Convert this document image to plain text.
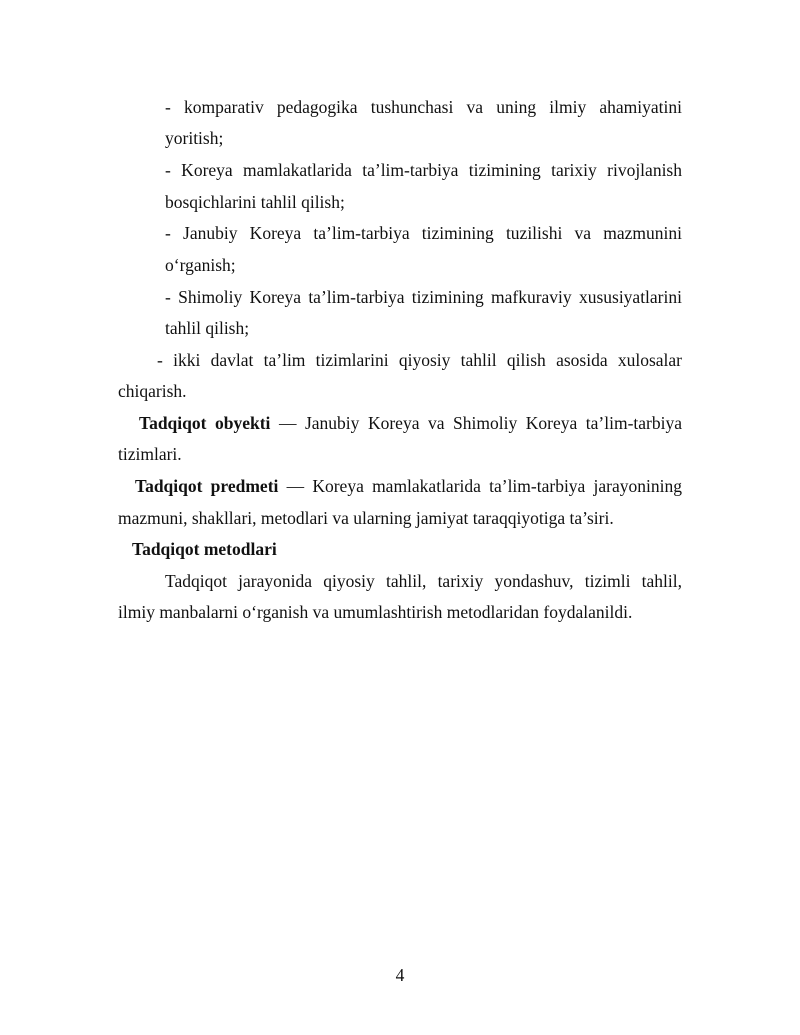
- komparativ pedagogika tushunchasi va uning ilmiy ahamiyatini
yoritish;
- Koreya mamlakatlarida ta’lim-tarbiya tizimining tarixiy rivojlanish
bosqichlarini tahlil qilish;
- Janubiy Koreya ta’lim-tarbiya tizimining tuzilishi va mazmunini
o‘rganish;
- Shimoliy Koreya ta’lim-tarbiya tizimining mafkuraviy xususiyatlarini
tahlil qilish;
- ikki davlat ta’lim tizimlarini qiyosiy tahlil qilish asosida xulosalar
chiqarish.
Tadqiqot obyekti — Janubiy Koreya va Shimoliy Koreya ta’lim-tarbiya
tizimlari.
Tadqiqot predmeti — Koreya mamlakatlarida ta’lim-tarbiya jarayonining
mazmuni, shakllari, metodlari va ularning jamiyat taraqqiyotiga ta’siri.
Tadqiqot metodlari
Tadqiqot jarayonida qiyosiy tahlil, tarixiy yondashuv, tizimli tahlil,
ilmiy manbalarni o‘rganish va umumlashtirish metodlaridan foydalanildi.
4
